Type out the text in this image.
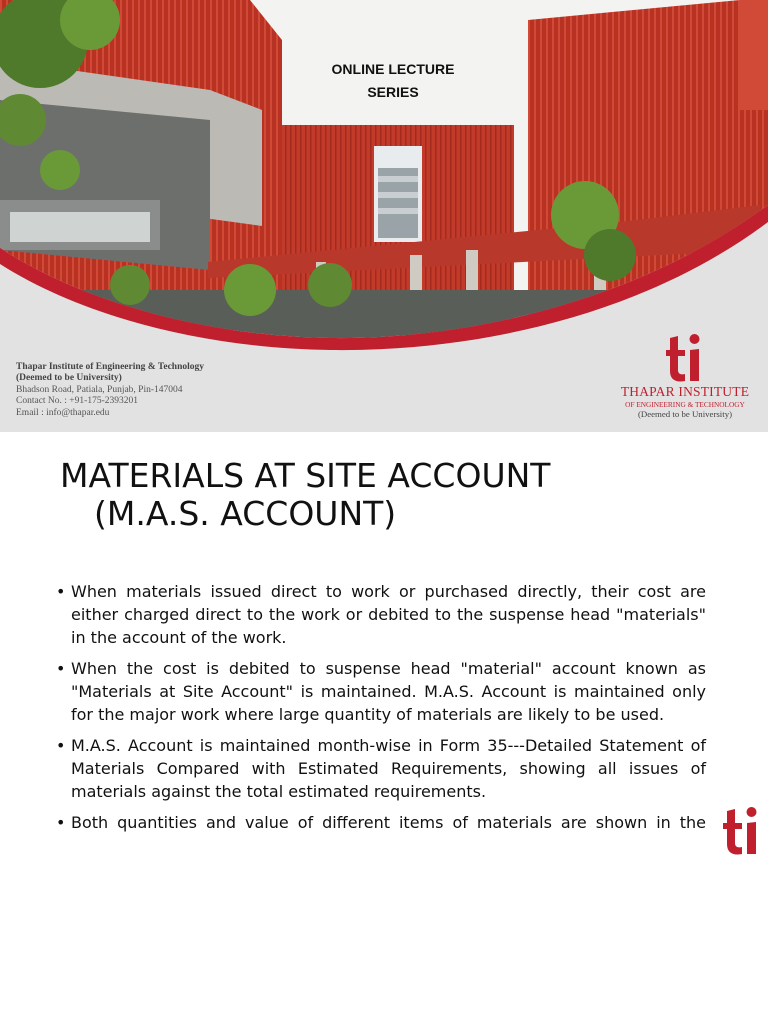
ONLINE LECTURE
SERIES
Thapar Institute of Engineering & Technology
(Deemed to be University)
Bhadson Road, Patiala, Punjab, Pin-147004
Contact No. : +91-175-2393201
Email : info@thapar.edu
THAPAR INSTITUTE
OF ENGINEERING & TECHNOLOGY
(Deemed to be University)
MATERIALS AT SITE ACCOUNT
(M.A.S. ACCOUNT)
• When materials issued direct to work or purchased directly, their cost are either charged direct to the work or debited to the suspense head "materials" in the account of the work.
• When the cost is debited to suspense head "material" account known as "Materials at Site Account" is maintained. M.A.S. Account is maintained only for the major work where large quantity of materials are likely to be used.
• M.A.S. Account is maintained month-wise in Form 35---Detailed Statement of Materials Compared with Estimated Requirements, showing all issues of materials against the total estimated requirements.
• Both quantities and value of different items of materials are shown in the
